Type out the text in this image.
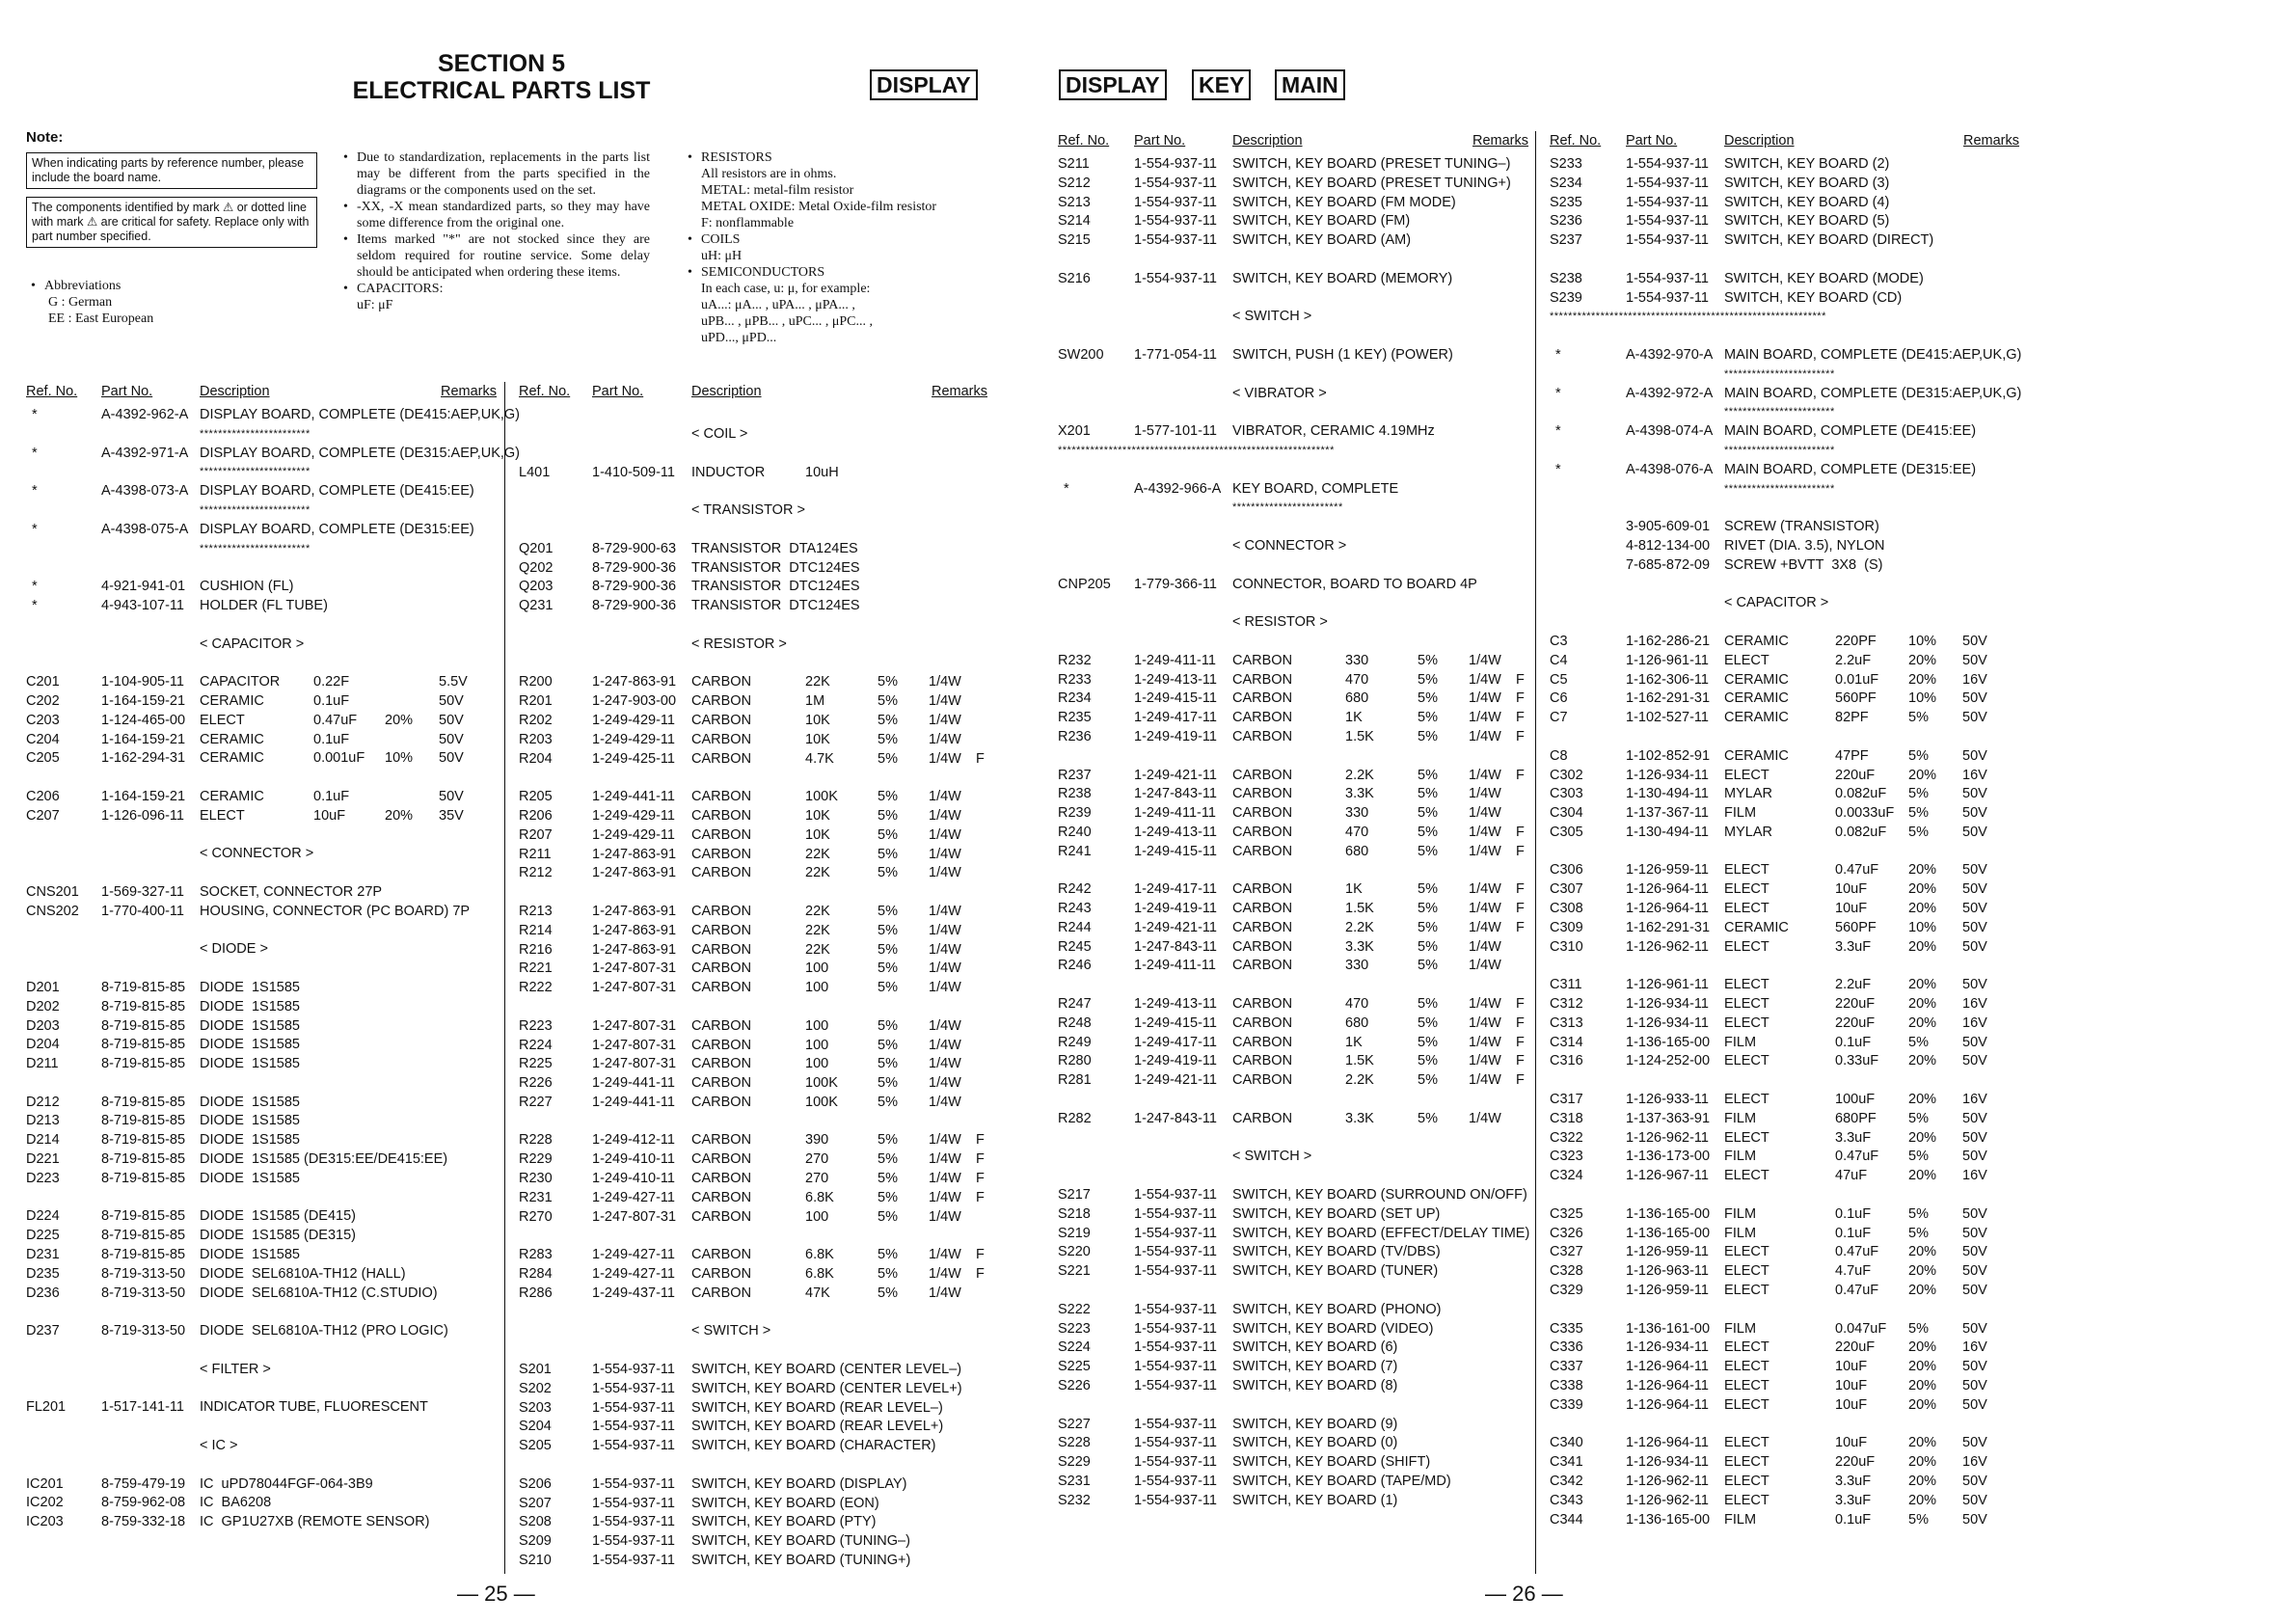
SECTION 5
ELECTRICAL PARTS LIST	DISPLAY	DISPLAY	KEY	MAIN
Note:
When indicating parts by reference number, please include the board name.
The components identified by mark ⚠ or dotted line with mark ⚠ are critical for safety. Replace only with part number specified.
• Abbreviations
G : German
EE : East European
• Due to standardization, replacements in the parts list may be different from the parts specified in the diagrams or the components used on the set.
• -XX, -X mean standardized parts, so they may have some difference from the original one.
• Items marked "*" are not stocked since they are seldom required for routine service. Some delay should be anticipated when ordering these items.
• CAPACITORS:
uF: μF
• RESISTORS
All resistors are in ohms.
METAL: metal-film resistor
METAL OXIDE: Metal Oxide-film resistor
F: nonflammable
• COILS
uH: μH
• SEMICONDUCTORS
In each case, u: μ, for example:
uA...: μA... , uPA... , μPA... ,
uPB... , μPB... , uPC... , μPC... ,
uPD..., μPD...
Ref. No. Part No.	Description	Remarks Ref. No. Part No.	Description	Remarks
Ref. No. Part No.	Description	Remarks Ref. No. Part No.	Description	Remarks
*	A-4392-962-A DISPLAY BOARD, COMPLETE (DE415:AEP,UK,G)
************************
*	A-4392-971-A DISPLAY BOARD, COMPLETE (DE315:AEP,UK,G)
************************
*	A-4398-073-A DISPLAY BOARD, COMPLETE (DE415:EE)
************************
*	A-4398-075-A DISPLAY BOARD, COMPLETE (DE315:EE)
************************
*	4-921-941-01 CUSHION (FL)
*	4-943-107-11 HOLDER (FL TUBE)
< CAPACITOR >
C201	1-104-905-11 CAPACITOR 0.22F	5.5V
C202	1-164-159-21 CERAMIC	0.1uF	50V
C203	1-124-465-00 ELECT	0.47uF 20% 50V
C204	1-164-159-21 CERAMIC	0.1uF	50V
C205	1-162-294-31 CERAMIC	0.001uF 10% 50V
C206	1-164-159-21 CERAMIC	0.1uF	50V
C207	1-126-096-11 ELECT	10uF	20% 35V
< CONNECTOR >
CNS201 1-569-327-11 SOCKET, CONNECTOR 27P
CNS202 1-770-400-11 HOUSING, CONNECTOR (PC BOARD) 7P
< DIODE >
D201	8-719-815-85 DIODE  1S1585
D202	8-719-815-85 DIODE  1S1585
D203	8-719-815-85 DIODE  1S1585
D204	8-719-815-85 DIODE  1S1585
D211	8-719-815-85 DIODE  1S1585
D212	8-719-815-85 DIODE  1S1585
D213	8-719-815-85 DIODE  1S1585
D214	8-719-815-85 DIODE  1S1585
D221	8-719-815-85 DIODE  1S1585 (DE315:EE/DE415:EE)
D223	8-719-815-85 DIODE  1S1585
D224	8-719-815-85 DIODE  1S1585 (DE415)
D225	8-719-815-85 DIODE  1S1585 (DE315)
D231	8-719-815-85 DIODE  1S1585
D235	8-719-313-50 DIODE  SEL6810A-TH12 (HALL)
D236	8-719-313-50 DIODE  SEL6810A-TH12 (C.STUDIO)
D237	8-719-313-50 DIODE  SEL6810A-TH12 (PRO LOGIC)
< FILTER >
FL201	1-517-141-11 INDICATOR TUBE, FLUORESCENT
< IC >
IC201	8-759-479-19 IC  uPD78044FGF-064-3B9
IC202	8-759-962-08 IC  BA6208
IC203	8-759-332-18 IC  GP1U27XB (REMOTE SENSOR)
< COIL >
L401	1-410-509-11 INDUCTOR	10uH
< TRANSISTOR >
Q201	8-729-900-63 TRANSISTOR  DTA124ES
Q202	8-729-900-36 TRANSISTOR  DTC124ES
Q203	8-729-900-36 TRANSISTOR  DTC124ES
Q231	8-729-900-36 TRANSISTOR  DTC124ES
< RESISTOR >
R200	1-247-863-91 CARBON	22K	5% 1/4W
R201	1-247-903-00 CARBON	1M	5% 1/4W
R202	1-249-429-11 CARBON	10K	5% 1/4W
R203	1-249-429-11 CARBON	10K	5% 1/4W
R204	1-249-425-11 CARBON	4.7K	5% 1/4W F
R205	1-249-441-11 CARBON	100K	5% 1/4W
R206	1-249-429-11 CARBON	10K	5% 1/4W
R207	1-249-429-11 CARBON	10K	5% 1/4W
R211	1-247-863-91 CARBON	22K	5% 1/4W
R212	1-247-863-91 CARBON	22K	5% 1/4W
R213	1-247-863-91 CARBON	22K	5% 1/4W
R214	1-247-863-91 CARBON	22K	5% 1/4W
R216	1-247-863-91 CARBON	22K	5% 1/4W
R221	1-247-807-31 CARBON	100	5% 1/4W
R222	1-247-807-31 CARBON	100	5% 1/4W
R223	1-247-807-31 CARBON	100	5% 1/4W
R224	1-247-807-31 CARBON	100	5% 1/4W
R225	1-247-807-31 CARBON	100	5% 1/4W
R226	1-249-441-11 CARBON	100K	5% 1/4W
R227	1-249-441-11 CARBON	100K	5% 1/4W
R228	1-249-412-11 CARBON	390	5% 1/4W F
R229	1-249-410-11 CARBON	270	5% 1/4W F
R230	1-249-410-11 CARBON	270	5% 1/4W F
R231	1-249-427-11 CARBON	6.8K	5% 1/4W F
R270	1-247-807-31 CARBON	100	5% 1/4W
R283	1-249-427-11 CARBON	6.8K	5% 1/4W F
R284	1-249-427-11 CARBON	6.8K	5% 1/4W F
R286	1-249-437-11 CARBON	47K	5% 1/4W
< SWITCH >
S201	1-554-937-11 SWITCH, KEY BOARD (CENTER LEVEL–)
S202	1-554-937-11 SWITCH, KEY BOARD (CENTER LEVEL+)
S203	1-554-937-11 SWITCH, KEY BOARD (REAR LEVEL–)
S204	1-554-937-11 SWITCH, KEY BOARD (REAR LEVEL+)
S205	1-554-937-11 SWITCH, KEY BOARD (CHARACTER)
S206	1-554-937-11 SWITCH, KEY BOARD (DISPLAY)
S207	1-554-937-11 SWITCH, KEY BOARD (EON)
S208	1-554-937-11 SWITCH, KEY BOARD (PTY)
S209	1-554-937-11 SWITCH, KEY BOARD (TUNING–)
S210	1-554-937-11 SWITCH, KEY BOARD (TUNING+)
S211	1-554-937-11 SWITCH, KEY BOARD (PRESET TUNING–)
S212	1-554-937-11 SWITCH, KEY BOARD (PRESET TUNING+)
S213	1-554-937-11 SWITCH, KEY BOARD (FM MODE)
S214	1-554-937-11 SWITCH, KEY BOARD (FM)
S215	1-554-937-11 SWITCH, KEY BOARD (AM)
S216	1-554-937-11 SWITCH, KEY BOARD (MEMORY)
< SWITCH >
SW200 1-771-054-11 SWITCH, PUSH (1 KEY) (POWER)
< VIBRATOR >
X201	1-577-101-11 VIBRATOR, CERAMIC 4.19MHz
************************************************************
*	A-4392-966-A KEY BOARD, COMPLETE
************************
< CONNECTOR >
CNP205 1-779-366-11 CONNECTOR, BOARD TO BOARD 4P
< RESISTOR >
R232	1-249-411-11 CARBON	330	5% 1/4W
R233	1-249-413-11 CARBON	470	5% 1/4W F
R234	1-249-415-11 CARBON	680	5% 1/4W F
R235	1-249-417-11 CARBON	1K	5% 1/4W F
R236	1-249-419-11 CARBON	1.5K	5% 1/4W F
R237	1-249-421-11 CARBON	2.2K	5% 1/4W F
R238	1-247-843-11 CARBON	3.3K	5% 1/4W
R239	1-249-411-11 CARBON	330	5% 1/4W
R240	1-249-413-11 CARBON	470	5% 1/4W F
R241	1-249-415-11 CARBON	680	5% 1/4W F
R242	1-249-417-11 CARBON	1K	5% 1/4W F
R243	1-249-419-11 CARBON	1.5K	5% 1/4W F
R244	1-249-421-11 CARBON	2.2K	5% 1/4W F
R245	1-247-843-11 CARBON	3.3K	5% 1/4W
R246	1-249-411-11 CARBON	330	5% 1/4W
R247	1-249-413-11 CARBON	470	5% 1/4W F
R248	1-249-415-11 CARBON	680	5% 1/4W F
R249	1-249-417-11 CARBON	1K	5% 1/4W F
R280	1-249-419-11 CARBON	1.5K	5% 1/4W F
R281	1-249-421-11 CARBON	2.2K	5% 1/4W F
R282	1-247-843-11 CARBON	3.3K	5% 1/4W
< SWITCH >
S217	1-554-937-11 SWITCH, KEY BOARD (SURROUND ON/OFF)
S218	1-554-937-11 SWITCH, KEY BOARD (SET UP)
S219	1-554-937-11 SWITCH, KEY BOARD (EFFECT/DELAY TIME)
S220	1-554-937-11 SWITCH, KEY BOARD (TV/DBS)
S221	1-554-937-11 SWITCH, KEY BOARD (TUNER)
S222	1-554-937-11 SWITCH, KEY BOARD (PHONO)
S223	1-554-937-11 SWITCH, KEY BOARD (VIDEO)
S224	1-554-937-11 SWITCH, KEY BOARD (6)
S225	1-554-937-11 SWITCH, KEY BOARD (7)
S226	1-554-937-11 SWITCH, KEY BOARD (8)
S227	1-554-937-11 SWITCH, KEY BOARD (9)
S228	1-554-937-11 SWITCH, KEY BOARD (0)
S229	1-554-937-11 SWITCH, KEY BOARD (SHIFT)
S231	1-554-937-11 SWITCH, KEY BOARD (TAPE/MD)
S232	1-554-937-11 SWITCH, KEY BOARD (1)
S233	1-554-937-11 SWITCH, KEY BOARD (2)
S234	1-554-937-11 SWITCH, KEY BOARD (3)
S235	1-554-937-11 SWITCH, KEY BOARD (4)
S236	1-554-937-11 SWITCH, KEY BOARD (5)
S237	1-554-937-11 SWITCH, KEY BOARD (DIRECT)
S238	1-554-937-11 SWITCH, KEY BOARD (MODE)
S239	1-554-937-11 SWITCH, KEY BOARD (CD)
************************************************************
*	A-4392-970-A MAIN BOARD, COMPLETE (DE415:AEP,UK,G)
************************
*	A-4392-972-A MAIN BOARD, COMPLETE (DE315:AEP,UK,G)
************************
*	A-4398-074-A MAIN BOARD, COMPLETE (DE415:EE)
************************
*	A-4398-076-A MAIN BOARD, COMPLETE (DE315:EE)
************************
3-905-609-01 SCREW (TRANSISTOR)
4-812-134-00 RIVET (DIA. 3.5), NYLON
7-685-872-09 SCREW +BVTT  3X8  (S)
< CAPACITOR >
C3	1-162-286-21 CERAMIC	220PF 10% 50V
C4	1-126-961-11 ELECT	2.2uF	20% 50V
C5	1-162-306-11 CERAMIC	0.01uF 20% 16V
C6	1-162-291-31 CERAMIC	560PF 10% 50V
C7	1-102-527-11 CERAMIC	82PF	5% 50V
C8	1-102-852-91 CERAMIC	47PF	5% 50V
C302	1-126-934-11 ELECT	220uF 20% 16V
C303	1-130-494-11 MYLAR	0.082uF 5% 50V
C304	1-137-367-11 FILM	0.0033uF 5% 50V
C305	1-130-494-11 MYLAR	0.082uF 5% 50V
C306	1-126-959-11 ELECT	0.47uF 20% 50V
C307	1-126-964-11 ELECT	10uF	20% 50V
C308	1-126-964-11 ELECT	10uF	20% 50V
C309	1-162-291-31 CERAMIC	560PF 10% 50V
C310	1-126-962-11 ELECT	3.3uF	20% 50V
C311	1-126-961-11 ELECT	2.2uF	20% 50V
C312	1-126-934-11 ELECT	220uF 20% 16V
C313	1-126-934-11 ELECT	220uF 20% 16V
C314	1-136-165-00 FILM	0.1uF	5% 50V
C316	1-124-252-00 ELECT	0.33uF 20% 50V
C317	1-126-933-11 ELECT	100uF 20% 16V
C318	1-137-363-91 FILM	680PF 5% 50V
C322	1-126-962-11 ELECT	3.3uF	20% 50V
C323	1-136-173-00 FILM	0.47uF 5% 50V
C324	1-126-967-11 ELECT	47uF	20% 16V
C325	1-136-165-00 FILM	0.1uF	5% 50V
C326	1-136-165-00 FILM	0.1uF	5% 50V
C327	1-126-959-11 ELECT	0.47uF 20% 50V
C328	1-126-963-11 ELECT	4.7uF	20% 50V
C329	1-126-959-11 ELECT	0.47uF 20% 50V
C335	1-136-161-00 FILM	0.047uF 5% 50V
C336	1-126-934-11 ELECT	220uF 20% 16V
C337	1-126-964-11 ELECT	10uF	20% 50V
C338	1-126-964-11 ELECT	10uF	20% 50V
C339	1-126-964-11 ELECT	10uF	20% 50V
C340	1-126-964-11 ELECT	10uF	20% 50V
C341	1-126-934-11 ELECT	220uF 20% 16V
C342	1-126-962-11 ELECT	3.3uF	20% 50V
C343	1-126-962-11 ELECT	3.3uF	20% 50V
C344	1-136-165-00 FILM	0.1uF	5% 50V
— 25 —	— 26 —
